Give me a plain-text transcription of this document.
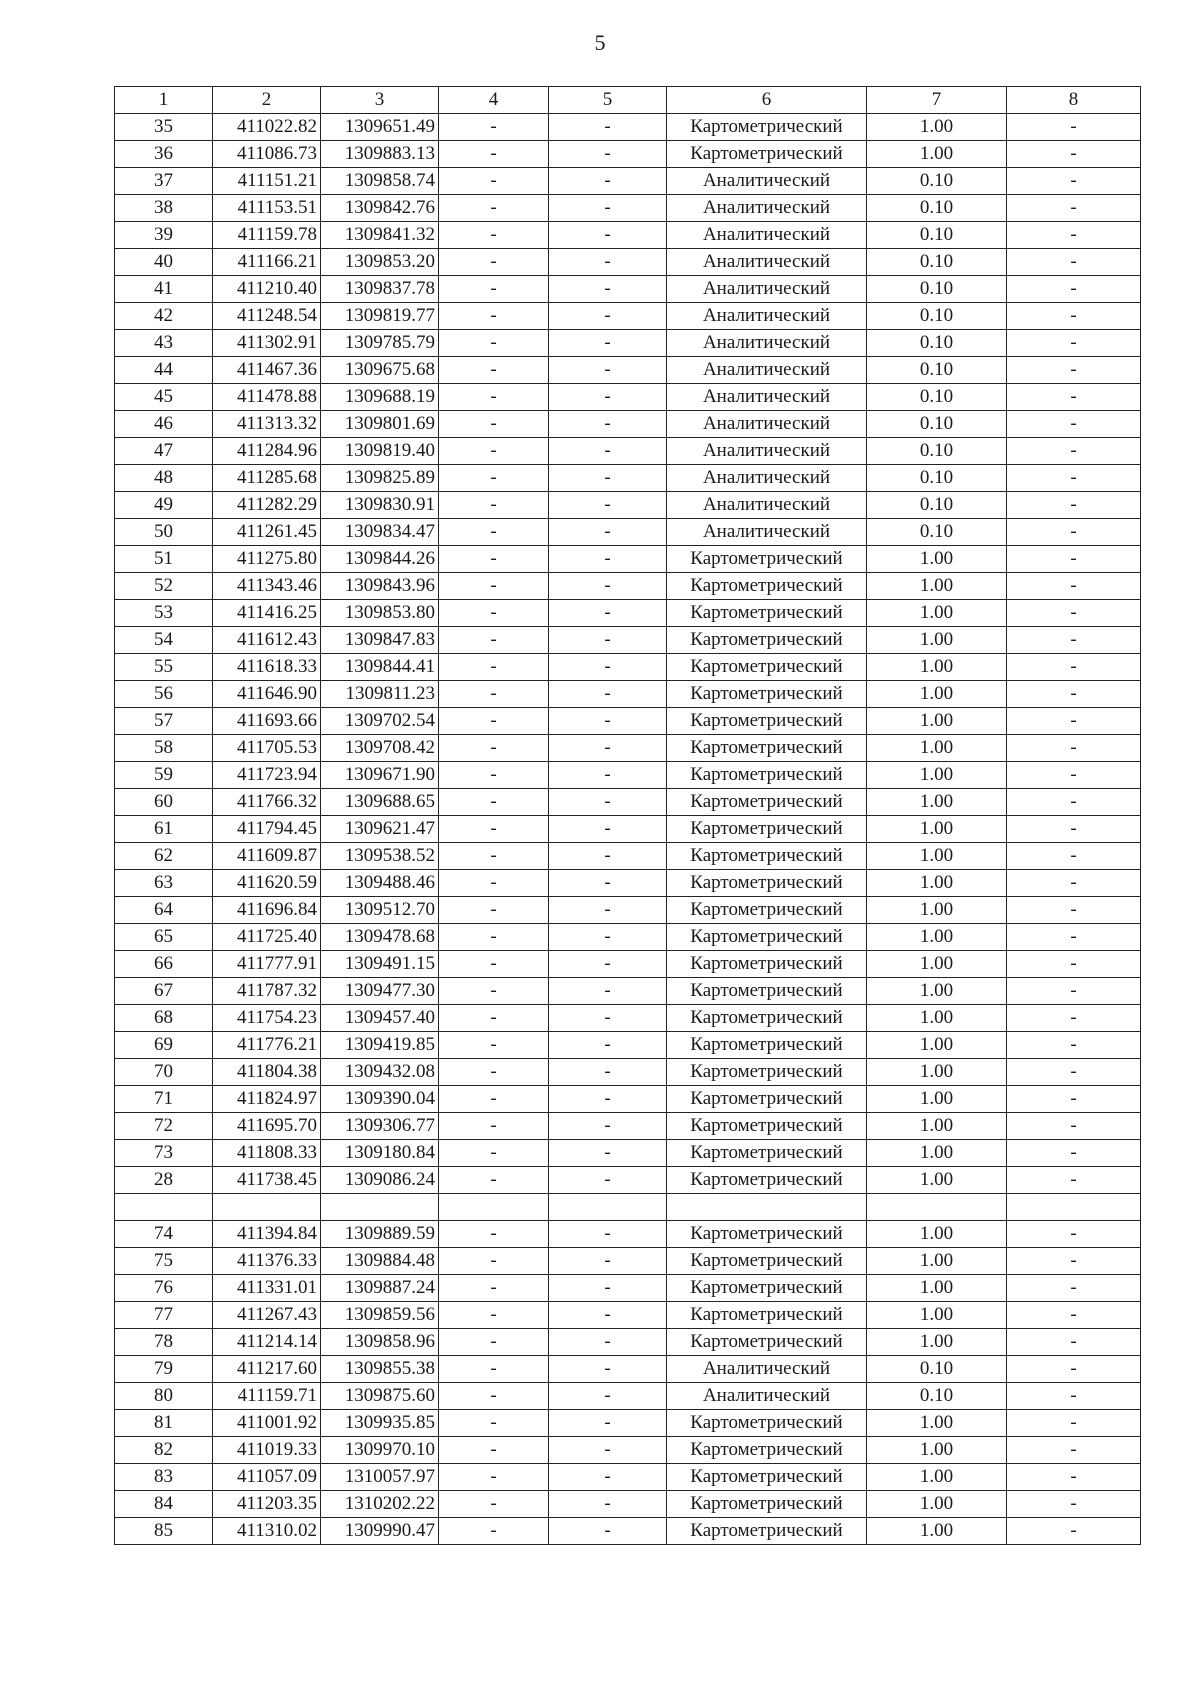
5
1	2	3	4	5	6	7	8
35	411022.82	1309651.49	-	-	Картометрический	1.00	-
36	411086.73	1309883.13	-	-	Картометрический	1.00	-
37	411151.21	1309858.74	-	-	Аналитический	0.10	-
38	411153.51	1309842.76	-	-	Аналитический	0.10	-
39	411159.78	1309841.32	-	-	Аналитический	0.10	-
40	411166.21	1309853.20	-	-	Аналитический	0.10	-
41	411210.40	1309837.78	-	-	Аналитический	0.10	-
42	411248.54	1309819.77	-	-	Аналитический	0.10	-
43	411302.91	1309785.79	-	-	Аналитический	0.10	-
44	411467.36	1309675.68	-	-	Аналитический	0.10	-
45	411478.88	1309688.19	-	-	Аналитический	0.10	-
46	411313.32	1309801.69	-	-	Аналитический	0.10	-
47	411284.96	1309819.40	-	-	Аналитический	0.10	-
48	411285.68	1309825.89	-	-	Аналитический	0.10	-
49	411282.29	1309830.91	-	-	Аналитический	0.10	-
50	411261.45	1309834.47	-	-	Аналитический	0.10	-
51	411275.80	1309844.26	-	-	Картометрический	1.00	-
52	411343.46	1309843.96	-	-	Картометрический	1.00	-
53	411416.25	1309853.80	-	-	Картометрический	1.00	-
54	411612.43	1309847.83	-	-	Картометрический	1.00	-
55	411618.33	1309844.41	-	-	Картометрический	1.00	-
56	411646.90	1309811.23	-	-	Картометрический	1.00	-
57	411693.66	1309702.54	-	-	Картометрический	1.00	-
58	411705.53	1309708.42	-	-	Картометрический	1.00	-
59	411723.94	1309671.90	-	-	Картометрический	1.00	-
60	411766.32	1309688.65	-	-	Картометрический	1.00	-
61	411794.45	1309621.47	-	-	Картометрический	1.00	-
62	411609.87	1309538.52	-	-	Картометрический	1.00	-
63	411620.59	1309488.46	-	-	Картометрический	1.00	-
64	411696.84	1309512.70	-	-	Картометрический	1.00	-
65	411725.40	1309478.68	-	-	Картометрический	1.00	-
66	411777.91	1309491.15	-	-	Картометрический	1.00	-
67	411787.32	1309477.30	-	-	Картометрический	1.00	-
68	411754.23	1309457.40	-	-	Картометрический	1.00	-
69	411776.21	1309419.85	-	-	Картометрический	1.00	-
70	411804.38	1309432.08	-	-	Картометрический	1.00	-
71	411824.97	1309390.04	-	-	Картометрический	1.00	-
72	411695.70	1309306.77	-	-	Картометрический	1.00	-
73	411808.33	1309180.84	-	-	Картометрический	1.00	-
28	411738.45	1309086.24	-	-	Картометрический	1.00	-

74	411394.84	1309889.59	-	-	Картометрический	1.00	-
75	411376.33	1309884.48	-	-	Картометрический	1.00	-
76	411331.01	1309887.24	-	-	Картометрический	1.00	-
77	411267.43	1309859.56	-	-	Картометрический	1.00	-
78	411214.14	1309858.96	-	-	Картометрический	1.00	-
79	411217.60	1309855.38	-	-	Аналитический	0.10	-
80	411159.71	1309875.60	-	-	Аналитический	0.10	-
81	411001.92	1309935.85	-	-	Картометрический	1.00	-
82	411019.33	1309970.10	-	-	Картометрический	1.00	-
83	411057.09	1310057.97	-	-	Картометрический	1.00	-
84	411203.35	1310202.22	-	-	Картометрический	1.00	-
85	411310.02	1309990.47	-	-	Картометрический	1.00	-
